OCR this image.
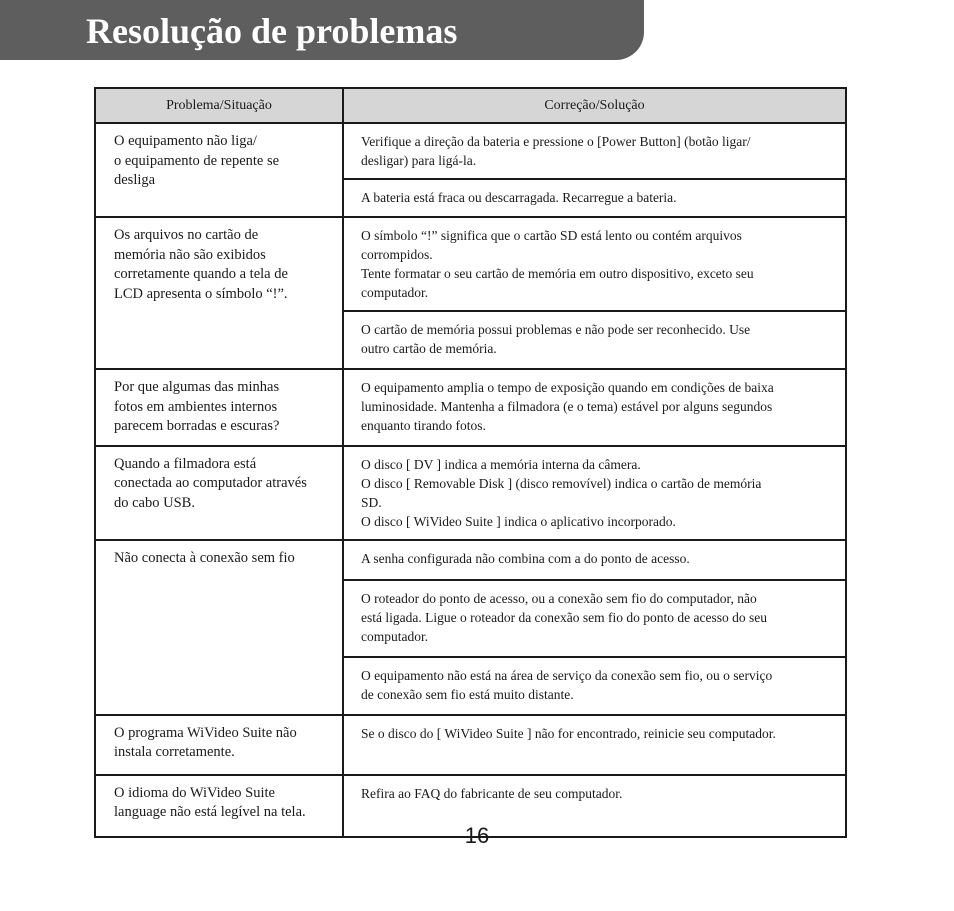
Resolução de problemas
Problema/Situação	Correção/Solução

O equipamento não liga/
o equipamento de repente se
desliga	Verifique a direção da bateria e pressione o [Power Button] (botão ligar/
desligar) para ligá-la.

	A bateria está fraca ou descarragada. Recarregue a bateria.

Os arquivos no cartão de
memória não são exibidos
corretamente quando a tela de
LCD apresenta o símbolo “!”.	O símbolo “!” significa que o cartão SD está lento ou contém arquivos
corrompidos.
Tente formatar o seu cartão de memória em outro dispositivo, exceto seu
computador.

	O cartão de memória possui problemas e não pode ser reconhecido. Use
outro cartão de memória.

Por que algumas das minhas
fotos em ambientes internos
parecem borradas e escuras?	O equipamento amplia o tempo de exposição quando em condições de baixa
luminosidade. Mantenha a filmadora (e o tema) estável por alguns segundos
enquanto tirando fotos.

Quando a filmadora está
conectada ao computador através
do cabo USB.	O disco [ DV ] indica a memória interna da câmera.
O disco [ Removable Disk ] (disco removível) indica o cartão de memória
SD.
O disco [ WiVideo Suite ] indica o aplicativo incorporado.

Não conecta à conexão sem fio	A senha configurada não combina com a do ponto de acesso.

	O roteador do ponto de acesso, ou a conexão sem fio do computador, não
está ligada. Ligue o roteador da conexão sem fio do ponto de acesso do seu
computador.

	O equipamento não está na área de serviço da conexão sem fio, ou o serviço
de conexão sem fio está muito distante.

O programa WiVideo Suite não
instala corretamente.	Se o disco do [ WiVideo Suite ] não for encontrado, reinicie seu computador.

O idioma do WiVideo Suite
language não está legível na tela.	Refira ao FAQ do fabricante de seu computador.
16
